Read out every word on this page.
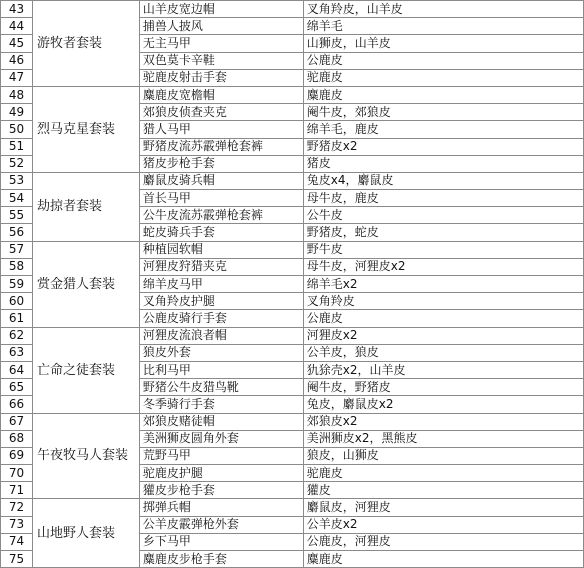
43	游牧者套装	山羊皮宽边帽	叉角羚皮，山羊皮
44		捕兽人披风	绵羊毛
45		无主马甲	山狮皮，山羊皮
46		双色莫卡辛鞋	公鹿皮
47		驼鹿皮射击手套	驼鹿皮
48	烈马克星套装	麋鹿皮宽檐帽	麋鹿皮
49		郊狼皮侦查夹克	阉牛皮，郊狼皮
50		猎人马甲	绵羊毛，鹿皮
51		野猪皮流苏霰弹枪套裤	野猪皮x2
52		猪皮步枪手套	猪皮
53	劫掠者套装	麝鼠皮骑兵帽	兔皮x4，麝鼠皮
54		首长马甲	母牛皮，鹿皮
55		公牛皮流苏霰弹枪套裤	公牛皮
56		蛇皮骑兵手套	野猪皮，蛇皮
57	赏金猎人套装	种植园软帽	野牛皮
58		河狸皮狩猎夹克	母牛皮，河狸皮x2
59		绵羊皮马甲	绵羊毛x2
60		叉角羚皮护腿	叉角羚皮
61		公鹿皮骑行手套	公鹿皮
62	亡命之徒套装	河狸皮流浪者帽	河狸皮x2
63		狼皮外套	公羊皮，狼皮
64		比利马甲	犰狳壳x2，山羊皮
65		野猪公牛皮猎鸟靴	阉牛皮，野猪皮
66		冬季骑行手套	兔皮，麝鼠皮x2
67	午夜牧马人套装	郊狼皮赌徒帽	郊狼皮x2
68		美洲狮皮圆角外套	美洲狮皮x2，黑熊皮
69		荒野马甲	狼皮，山狮皮
70		驼鹿皮护腿	驼鹿皮
71		獾皮步枪手套	獾皮
72	山地野人套装	掷弹兵帽	麝鼠皮，河狸皮
73		公羊皮霰弹枪外套	公羊皮x2
74		乡下马甲	公鹿皮，河狸皮
75		麋鹿皮步枪手套	麋鹿皮
